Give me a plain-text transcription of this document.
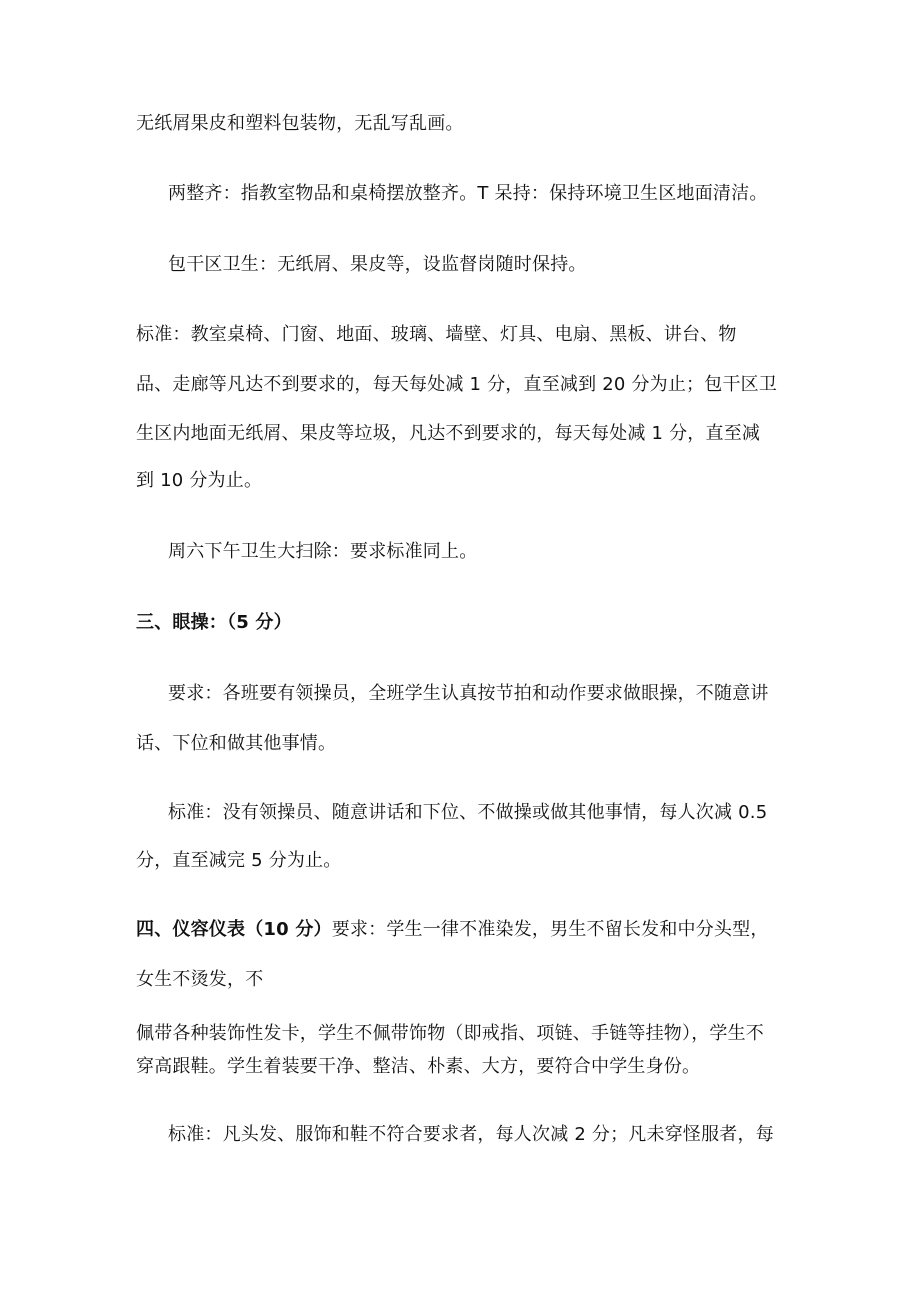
无纸屑果皮和塑料包装物，无乱写乱画。
两整齐：指教室物品和桌椅摆放整齐。T 呆持：保持环境卫生区地面清洁。
包干区卫生：无纸屑、果皮等，设监督岗随时保持。
标准：教室桌椅、门窗、地面、玻璃、墙壁、灯具、电扇、黑板、讲台、物
品、走廊等凡达不到要求的，每天每处减 1 分，直至减到 20 分为止；包干区卫
生区内地面无纸屑、果皮等垃圾，凡达不到要求的，每天每处减 1 分，直至减
到 10 分为止。
周六下午卫生大扫除：要求标准同上。
三、眼操：（5 分）
要求：各班要有领操员，全班学生认真按节拍和动作要求做眼操，不随意讲
话、下位和做其他事情。
标准：没有领操员、随意讲话和下位、不做操或做其他事情，每人次减 0.5
分，直至减完 5 分为止。
四、仪容仪表（10 分）要求：学生一律不准染发，男生不留长发和中分头型，
女生不烫发，不
佩带各种装饰性发卡，学生不佩带饰物（即戒指、项链、手链等挂物），学生不
穿高跟鞋。学生着装要干净、整洁、朴素、大方，要符合中学生身份。
标准：凡头发、服饰和鞋不符合要求者，每人次减 2 分；凡未穿怪服者，每
